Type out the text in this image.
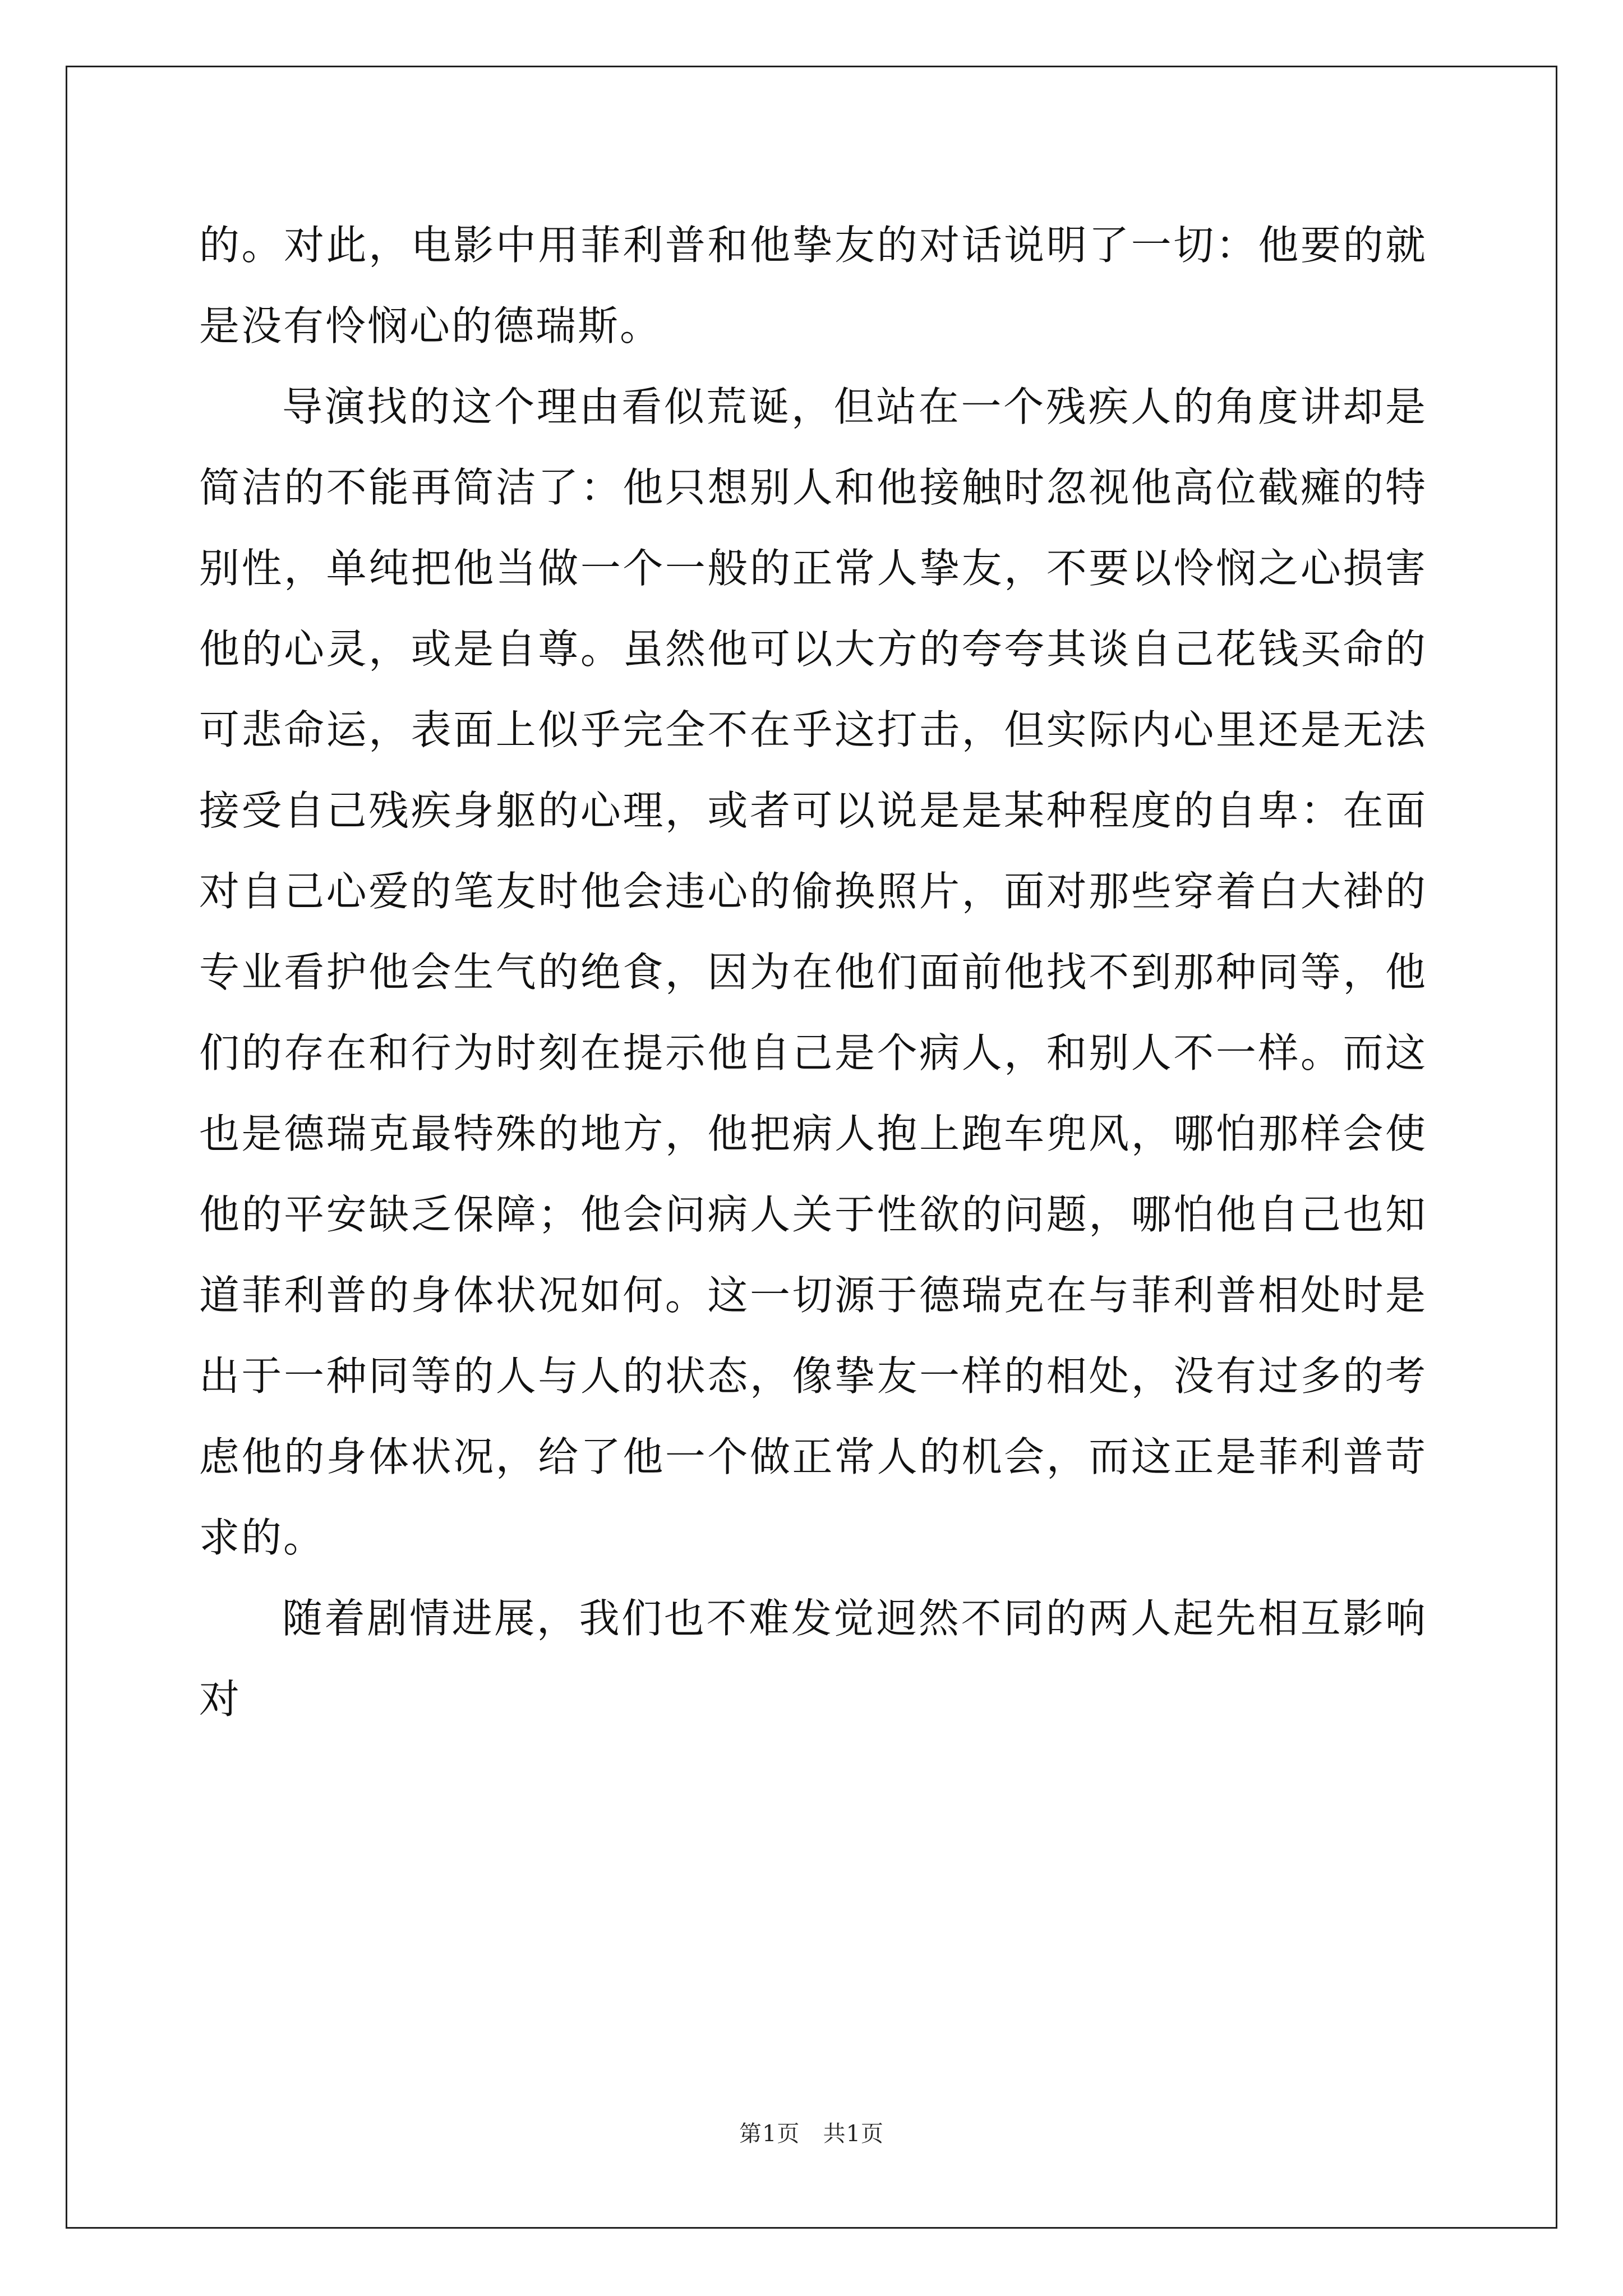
的。对此，电影中用菲利普和他挚友的对话说明了一切：他要的就是没有怜悯心的德瑞斯。

导演找的这个理由看似荒诞，但站在一个残疾人的角度讲却是简洁的不能再简洁了：他只想别人和他接触时忽视他高位截瘫的特别性，单纯把他当做一个一般的正常人挚友，不要以怜悯之心损害他的心灵，或是自尊。虽然他可以大方的夸夸其谈自己花钱买命的可悲命运，表面上似乎完全不在乎这打击，但实际内心里还是无法接受自己残疾身躯的心理，或者可以说是是某种程度的自卑：在面对自己心爱的笔友时他会违心的偷换照片，面对那些穿着白大褂的专业看护他会生气的绝食，因为在他们面前他找不到那种同等，他们的存在和行为时刻在提示他自己是个病人，和别人不一样。而这也是德瑞克最特殊的地方，他把病人抱上跑车兜风，哪怕那样会使他的平安缺乏保障；他会问病人关于性欲的问题，哪怕他自己也知道菲利普的身体状况如何。这一切源于德瑞克在与菲利普相处时是出于一种同等的人与人的状态，像挚友一样的相处，没有过多的考虑他的身体状况，给了他一个做正常人的机会，而这正是菲利普苛求的。

随着剧情进展，我们也不难发觉迥然不同的两人起先相互影响对

第1页 共1页
